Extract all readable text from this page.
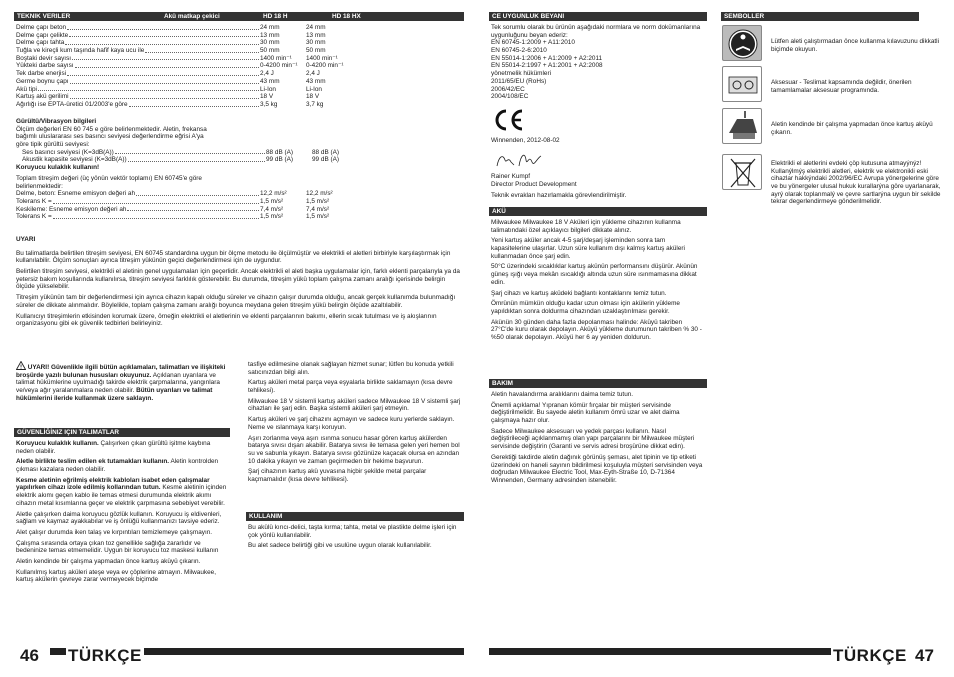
TEKNIK VERILER	Akü matkap çekici	HD 18 H	HD 18 HX
Delme çapı beton	24 mm	24 mm
Delme çapı çelikte	13 mm	13 mm
Delme çapı tahta	30 mm	30 mm
Tuğla ve kireçli kum taşında hafif kaya ucu ile	50 mm	50 mm
Boştaki devir sayısı	1400 min⁻¹	1400 min⁻¹
Yükteki darbe sayısı	0-4200 min⁻¹	0-4200 min⁻¹
Tek darbe enerjisi	2,4 J	2,4 J
Germe boynu çapı	43 mm	43 mm
Akü tipi	Li-Ion	Li-Ion
Kartuş akü gerilimi	18 V	18 V
Ağırlığı ise EPTA-üretici 01/2003'e göre	3,5 kg	3,7 kg
Gürültü/Vibrasyon bilgileri
Ölçüm değerleri EN 60 745 e göre belirlenmektedir. Aletin, frekansa bağımlı uluslararası ses basıncı seviyesi değerlendirme eğrisi A'ya göre tipik gürültü seviyesi:
Ses basıncı seviyesi (K=3dB(A))	88 dB (A)	88 dB (A)
Akustik kapasite seviyesi (K=3dB(A))	99 dB (A)	99 dB (A)
Koruyucu kulaklık kullanın!
Toplam titreşim değeri (üç yönün vektör toplamı) EN 60745'e göre belirlenmektedir:
Delme, beton: Esneme emisyon değeri ah	12,2 m/s²	12,2 m/s²
Tolerans K =	1,5 m/s²	1,5 m/s²
Keskileme: Esneme emisyon değeri ah	7,4 m/s²	7,4 m/s²
Tolerans K =	1,5 m/s²	1,5 m/s²
UYARI

Bu talimatlarda belirtilen titreşim seviyesi, EN 60745 standardına uygun bir ölçme metodu ile ölçülmüştür ve elektrikli el aletleri birbiriyle karşılaştırmak için kullanılabilir. Ölçüm sonuçları ayrıca titreşim yükünün geçici değerlendirmesi için de uygundur.

Belirtilen titreşim seviyesi, elektrikli el aletinin genel uygulamaları için geçerlidir. Ancak elektrikli el aleti başka uygulamalar için, farklı eklenti parçalarıyla ya da yetersiz bakım koşullarında kullanılırsa, titreşim seviyesi farklılık gösterebilir. Bu durumda, titreşim yükü toplam çalışma zamanı aralığı içerisinde belirgin ölçüde yükselebilir.

Titreşim yükünün tam bir değerlendirmesi için ayrıca cihazın kapalı olduğu süreler ve cihazın çalışır durumda olduğu, ancak gerçek kullanımda bulunmadığı süreler de dikkate alınmalıdır. Böylelikle, toplam çalışma zamanı aralığı boyunca meydana gelen titreşim yükü belirgin ölçüde azaltılabilir.

Kullanıcıyı titreşimlerin etkisinden korumak üzere, örneğin elektrikli el aletlerinin ve eklenti parçalarının bakımı, ellerin sıcak tutulması ve iş akışlarının organizasyonu gibi ek güvenlik tedbirleri belirleyiniz.

! UYARI! Güvenlikle ilgili bütün açıklamaları, talimatları ve ilişkiteki broşürde yazılı bulunan hususları okuyunuz. Açıklanan uyarılara ve talimat hükümlerine uyulmadığı takirde elektrik çarpmalarına, yangınlara ve/veya ağır yaralanmalara neden olabilir. Bütün uyarıları ve talimat hükümlerini ileride kullanmak üzere saklayın.

GÜVENLİĞİNIZ IÇIN TALIMATLAR

Koruyucu kulaklık kullanın. Çalışırken çıkan gürültü işitme kaybına neden olabilir.

Aletle birlikte teslim edilen ek tutamakları kullanın. Aletin kontrolden çıkması kazalara neden olabilir.

Kesme aletinin eğrilmiş elektrik kabloları isabet eden çalışmalar yapılırken cihazı izole edilmiş kollarından tutun. Kesme aletinin içinden elektrik akımı geçen kablo ile temas etmesi durumunda elektrik akımı cihazın metal kısımlarına geçer ve elektrik çarpmasına sebebiyet verebilir.

Aletle çalışırken daima koruyucu gözlük kullanın. Koruyucu iş eldivenleri, sağlam ve kaymaz ayakkabılar ve iş önlüğü kullanmanızı tavsiye ederiz.

Alet çalışır durumda iken talaş ve kırpıntıları temizlemeye çalışmayın.

Çalışma sırasında ortaya çıkan toz genellikle sağlığa zararlıdır ve bedeninize temas etmemelidir. Uygun bir koruyucu toz maskesi kullanın

Aletin kendinde bir çalışma yapmadan önce kartuş aküyü çıkarın.

Kullanılmış kartuş aküleri ateşe veya ev çöplerine atmayın. Milwaukee, kartuş akülerin çevreye zarar vermeyecek biçimde

tasfiye edilmesine olanak sağlayan hizmet sunar; lütfen bu konuda yetkili satıcınızdan bilgi alın.

Kartuş aküleri metal parça veya eşyalarla birlikte saklamayın (kısa devre tehlikesi).

Milwaukee 18 V sistemli kartuş aküleri sadece Milwaukee 18 V sistemli şarj cihazları ile şarj edin. Başka sistemli aküleri şarj etmeyin.

Kartuş aküleri ve şarj cihazını açmayın ve sadece kuru yerlerde saklayın. Neme ve ıslanmaya karşı koruyun.

Aşırı zorlanma veya aşırı ısınma sonucu hasar gören kartuş akülerden batarya sıvısı dışarı akabilir. Batarya sıvısı ile temasa gelen yeri hemen bol su ve sabunla yıkayın. Batarya sıvısı gözünüze kaçacak olursa en azından 10 dakika yıkayın ve zaman geçirmeden bir hekime başvurun.

Şarj cihazının kartuş akü yuvasına hiçbir şekilde metal parçalar kaçmamalıdır (kısa devre tehlikesi).

KULLANIM

Bu akülü kırıcı-delici, taşta kırma; tahta, metal ve plastikte delme işleri için çok yönlü kullanılabilir.

Bu alet sadece belirtiği gibi ve usulüne uygun olarak kullanılabilir.

46 TÜRKÇE
CE UYGUNLUK BEYANI
Tek sorumlu olarak bu ürünün aşağıdaki normlara ve norm dokümanlarına uygunluğunu beyan ederiz:
EN 60745-1:2009 + A11:2010
EN 60745-2-6:2010
EN 55014-1:2006 + A1:2009 + A2:2011
EN 55014-2:1997 + A1:2001 + A2:2008
yönetmelik hükümleri
2011/65/EU (RoHs)
2006/42/EC
2004/108/EC
Winnenden, 2012-08-02
Rainer Kumpf
Director Product Development
Teknik evrakları hazırlamakla görevlendirilmiştir.
AKÜ

Milwaukee Milwaukee 18 V Aküleri için yükleme cihazının kullanma talimatındaki özel açıklayıcı bilgileri dikkate alınız.

Yeni kartuş aküler ancak 4-5 şarj/deşarj işleminden sonra tam kapasitelerine ulaşırlar. Uzun süre kullanım dışı kalmış kartuş aküleri kullanmadan önce şarj edin.

50°C üzerindeki sıcaklıklar kartuş akünün performansını düşürür. Akünün güneş ışığı veya mekân ısıcaklığı altında uzun süre ısınmamasına dikkat edin.

Şarj cihazı ve kartuş aküdeki bağlantı kontaklarını temiz tutun.

Ömrünün mümkün olduğu kadar uzun olması için akülerin yükleme yapıldıktan sonra doldurma cihazından uzaklaştırılması gerekir.

Akünün 30 günden daha fazla depolanması halinde: Aküyü takriben 27°C'de kuru olarak depolayın. Aküyü yükleme durumunun takriben % 30 - %50 olarak depolayın. Aküyü her 6 ay yeniden doldurun.

BAKIM

Aletin havalandırma aralıklarını daima temiz tutun.

Önemli açıklama! Yıpranan kömür fırçalar bir müşteri servisinde değiştirilmelidir. Bu sayede aletin kullanım ömrü uzar ve alet daima çalışmaya hazır olur.

Sadece Milwaukee aksesuarı ve yedek parçası kullanın. Nasıl değiştirileceği açıklanmamış olan yapı parçalarını bir Milwaukee müşteri servisinde değiştirin (Garanti ve servis adresi broşürüne dikkat edin).

Gerektiği takdirde aletin dağınık görünüş şeması, alet tipinin ve tip etiketi üzerindeki on haneli sayının bildirilmesi koşuluyla müşteri servisinden veya doğrudan Milwaukee Electric Tool, Max-Eyth-Straße 10, D-71364 Winnenden, Germany adresinden istenebilir.

SEMBOLLER
Lütfen aleti çalıştırmadan önce kullanma kılavuzunu dikkatli biçimde okuyun.
Aksesuar - Teslimat kapsamında değildir, önerilen tamamlamalar aksesuar programında.
Aletin kendinde bir çalışma yapmadan önce kartuş aküyü çıkarın.
Elektrikli el aletlerini evdeki çöp kutusuna atmayýnýz! Kullanýlmýş elektrikli aletleri, elektrik ve elektronikli eski cihazlar hakkýndaki 2002/96/EC Avrupa yönergelerine göre ve bu yönergeler ulusal hukuk kurallarýna göre uyarlanarak, ayrý olarak toplanmalý ve çevre sartlarýna uygun bir sekilde tekrar degerlendirmeye gönderilmelidir.
TÜRKÇE 47
